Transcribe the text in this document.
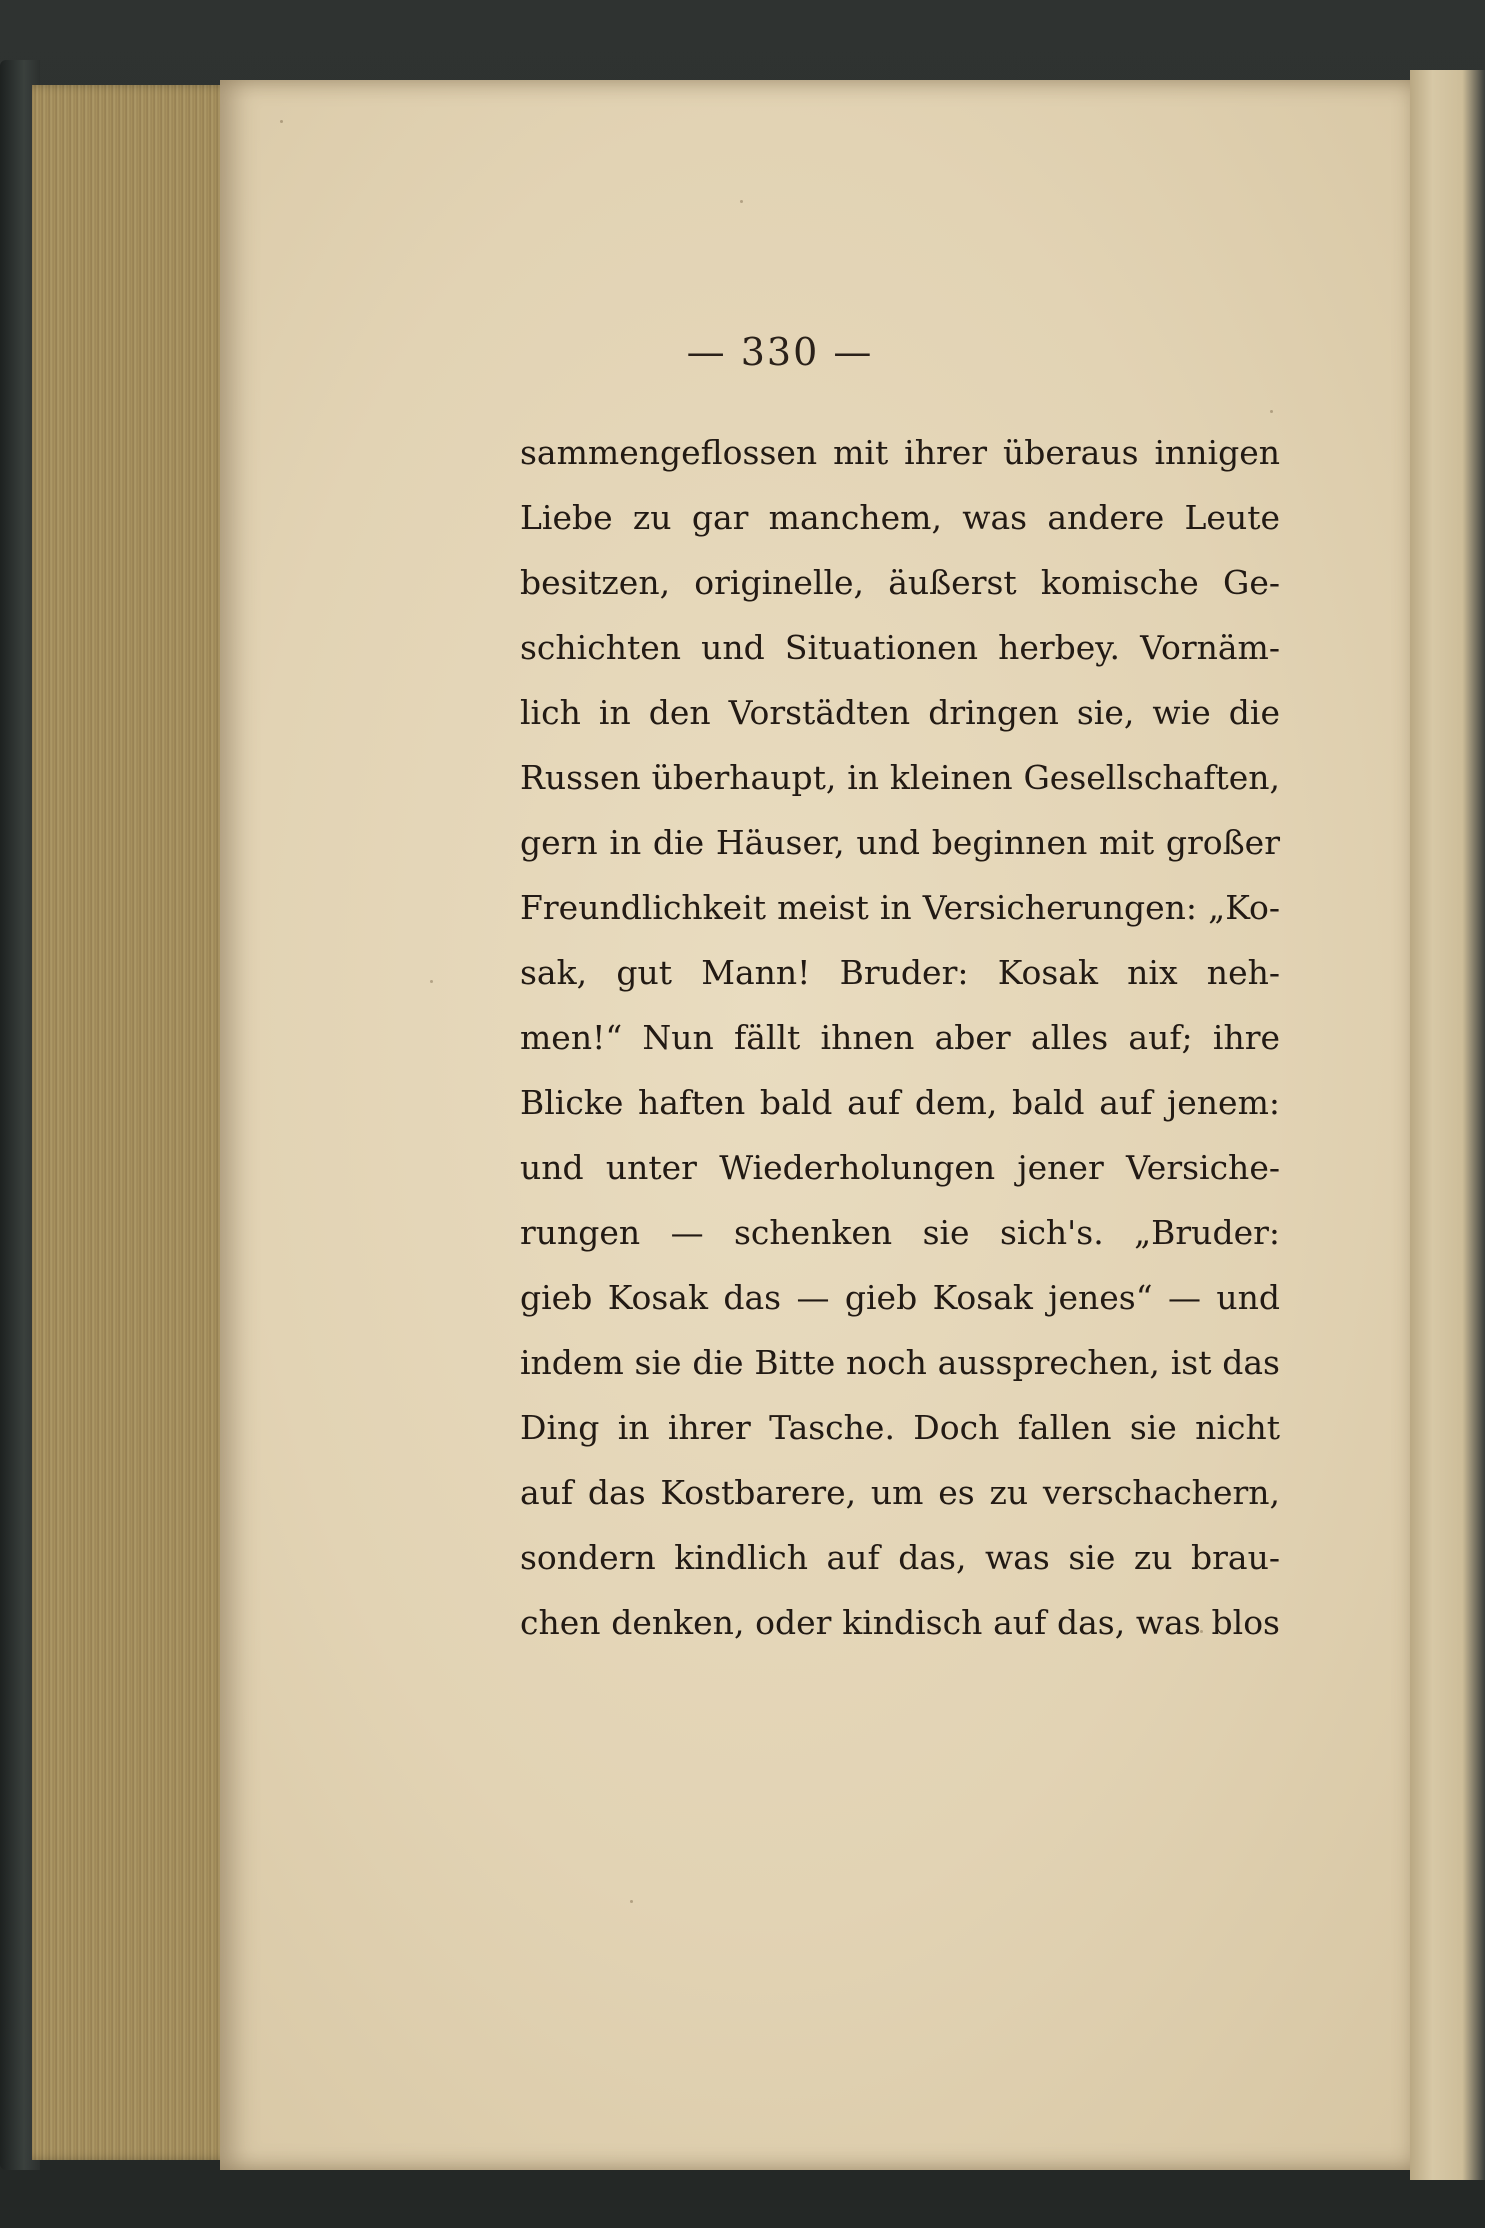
— 330 —
sammengeflossen mit ihrer überaus innigen
Liebe zu gar manchem, was andere Leute
besitzen, originelle, äußerst komische Ge-
schichten und Situationen herbey. Vornäm-
lich in den Vorstädten dringen sie, wie die
Russen überhaupt, in kleinen Gesellschaften,
gern in die Häuser, und beginnen mit großer
Freundlichkeit meist in Versicherungen: „Ko-
sak, gut Mann! Bruder: Kosak nix neh-
men!“ Nun fällt ihnen aber alles auf; ihre
Blicke haften bald auf dem, bald auf jenem:
und unter Wiederholungen jener Versiche-
rungen — schenken sie sich's. „Bruder:
gieb Kosak das — gieb Kosak jenes“ — und
indem sie die Bitte noch aussprechen, ist das
Ding in ihrer Tasche. Doch fallen sie nicht
auf das Kostbarere, um es zu verschachern,
sondern kindlich auf das, was sie zu brau-
chen denken, oder kindisch auf das, was blos
